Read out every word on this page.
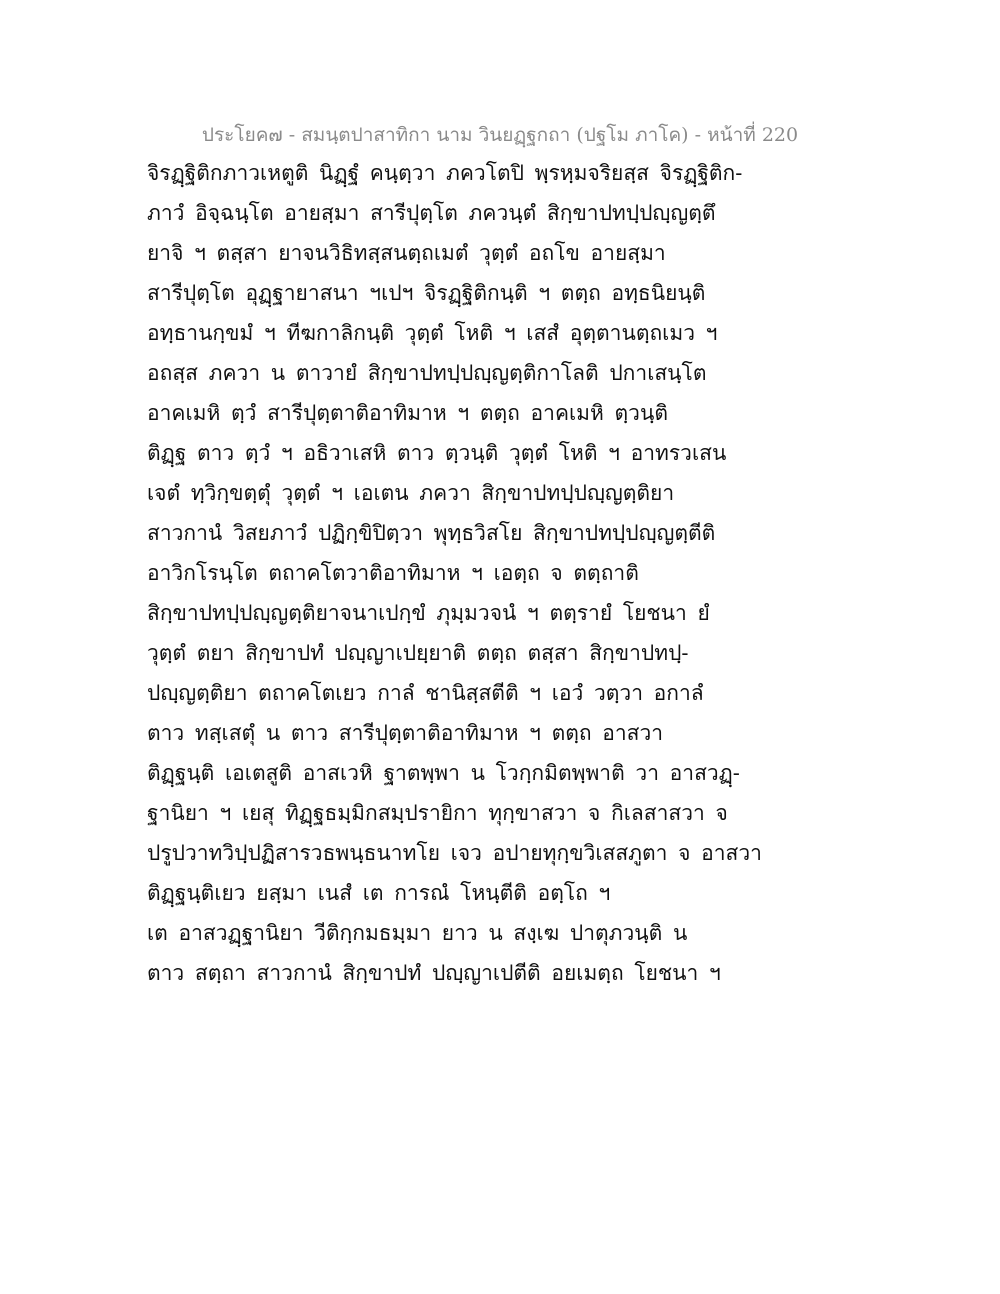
ประโยค๗ - สมนฺตปาสาทิกา นาม วินยฏฺฐกถา (ปฐโม ภาโค) - หน้าที่ 220
จิรฏฺฐิติกภาวเหตูติ นิฏฺฐํ คนฺตฺวา ภควโตปิ พฺรหฺมจริยสฺส จิรฏฺฐิติก-
ภาวํ อิจฺฉนฺโต อายสฺมา สารีปุตฺโต ภควนฺตํ สิกฺขาปทปฺปญฺญตฺตึ
ยาจิ ฯ ตสฺสา ยาจนวิธิทสฺสนตฺถเมตํ วุตฺตํ อถโข อายสฺมา
สารีปุตฺโต อุฏฺฐายาสนา ฯเปฯ จิรฏฺฐิติกนฺติ ฯ ตตฺถ อทฺธนิยนฺติ
อทฺธานกฺขมํ ฯ ทีฆกาลิกนฺติ วุตฺตํ โหติ ฯ เสสํ อุตฺตานตฺถเมว ฯ
อถสฺส ภควา น ตาวายํ สิกฺขาปทปฺปญฺญตฺติกาโลติ ปกาเสนฺโต
อาคเมหิ ตฺวํ สารีปุตฺตาติอาทิมาห ฯ ตตฺถ อาคเมหิ ตฺวนฺติ
ติฏฺฐ ตาว ตฺวํ ฯ อธิวาเสหิ ตาว ตฺวนฺติ วุตฺตํ โหติ ฯ อาทรวเสน
เจตํ ทฺวิกฺขตฺตุํ วุตฺตํ ฯ เอเตน ภควา สิกฺขาปทปฺปญฺญตฺติยา
สาวกานํ วิสยภาวํ ปฏิกฺขิปิตฺวา พุทฺธวิสโย สิกฺขาปทปฺปญฺญตฺตีติ
อาวิกโรนฺโต ตถาคโตวาติอาทิมาห ฯ เอตฺถ จ ตตฺถาติ
สิกฺขาปทปฺปญฺญตฺติยาจนาเปกฺขํ ภุมฺมวจนํ ฯ ตตฺรายํ โยชนา ยํ
วุตฺตํ ตยา สิกฺขาปทํ ปญฺญาเปยฺยาติ ตตฺถ ตสฺสา สิกฺขาปทปฺ-
ปญฺญตฺติยา ตถาคโตเยว กาลํ ชานิสฺสตีติ ฯ เอวํ วตฺวา อกาลํ
ตาว ทสฺเสตุํ น ตาว สารีปุตฺตาติอาทิมาห ฯ ตตฺถ อาสวา
ติฏฺฐนฺติ เอเตสูติ อาสเวหิ ฐาตพฺพา น โวกฺกมิตพฺพาติ วา อาสวฏฺ-
ฐานิยา ฯ เยสุ ทิฏฺฐธมฺมิกสมฺปรายิกา ทุกฺขาสวา จ กิเลสาสวา จ
ปรูปวาทวิปฺปฏิสารวธพนฺธนาทโย เจว อปายทุกฺขวิเสสภูตา จ อาสวา
ติฏฺฐนฺติเยว ยสฺมา เนสํ เต การณํ โหนฺตีติ อตฺโถ ฯ
เต อาสวฏฺฐานิยา วีติกฺกมธมฺมา ยาว น สงฺเฆ ปาตุภวนฺติ น
ตาว สตฺถา สาวกานํ สิกฺขาปทํ ปญฺญาเปตีติ อยเมตฺถ โยชนา ฯ
